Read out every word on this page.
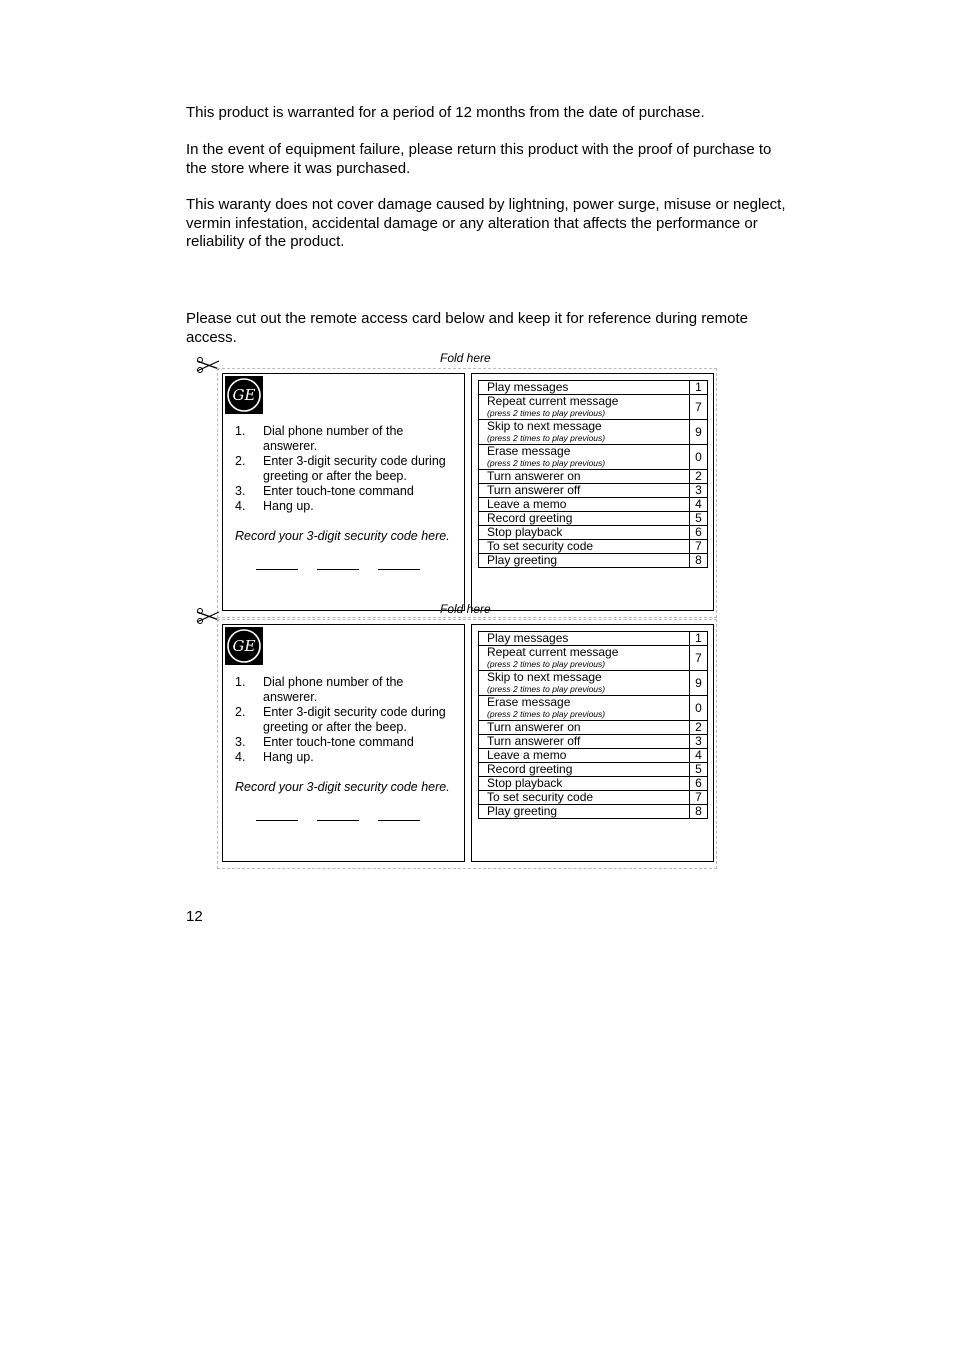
This product is warranted for a period of 12 months from the date of purchase.

In the event of equipment failure, please return this product with the proof of purchase to the store where it was purchased.

This waranty does not cover damage caused by lightning, power surge, misuse or neglect, vermin infestation, accidental damage or any alteration that affects the performance or reliability of the product.

Please cut out the remote access card below and keep it for reference during remote access.

Fold here
GE
1. Dial phone number of the answerer.
2. Enter 3-digit security code during greeting or after the beep.
3. Enter touch-tone command
4. Hang up.
Record your 3-digit security code here.
Play messages	1
Repeat current message
(press 2 times to play previous)	7
Skip to next message
(press 2 times to play previous)	9
Erase message
(press 2 times to play previous)	0
Turn answerer on	2
Turn answerer off	3
Leave a memo	4
Record greeting	5
Stop playback	6
To set security code	7
Play greeting	8
Fold here
GE
1. Dial phone number of the answerer.
2. Enter 3-digit security code during greeting or after the beep.
3. Enter touch-tone command
4. Hang up.
Record your 3-digit security code here.
Play messages	1
Repeat current message
(press 2 times to play previous)	7
Skip to next message
(press 2 times to play previous)	9
Erase message
(press 2 times to play previous)	0
Turn answerer on	2
Turn answerer off	3
Leave a memo	4
Record greeting	5
Stop playback	6
To set security code	7
Play greeting	8
12
